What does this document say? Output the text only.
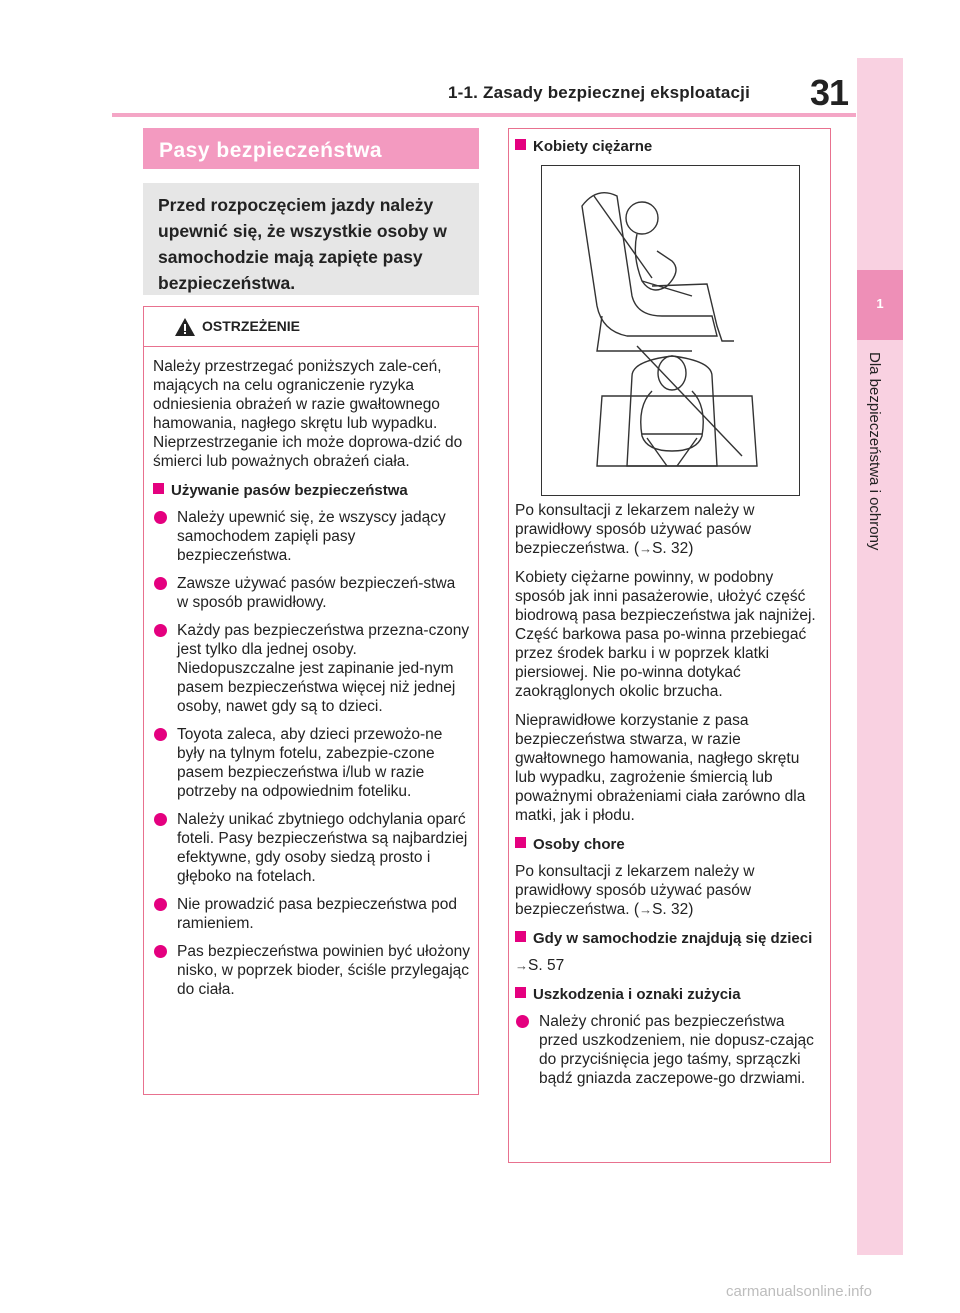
1-1. Zasady bezpiecznej eksploatacji 31
1
Dla bezpieczeństwa i ochrony
Pasy bezpieczeństwa
Przed rozpoczęciem jazdy należy upewnić się, że wszystkie osoby w samochodzie mają zapięte pasy bezpieczeństwa.
OSTRZEŻENIE

Należy przestrzegać poniższych zale-ceń, mających na celu ograniczenie ryzyka odniesienia obrażeń w razie gwałtownego hamowania, nagłego skrętu lub wypadku. Nieprzestrzeganie ich może doprowa-dzić do śmierci lub poważnych obrażeń ciała.

Używanie pasów bezpieczeństwa
Należy upewnić się, że wszyscy jadący samochodem zapięli pasy bezpieczeństwa.
Zawsze używać pasów bezpieczeń-stwa w sposób prawidłowy.
Każdy pas bezpieczeństwa przezna-czony jest tylko dla jednej osoby. Niedopuszczalne jest zapinanie jed-nym pasem bezpieczeństwa więcej niż jednej osoby, nawet gdy są to dzieci.
Toyota zaleca, aby dzieci przewożo-ne były na tylnym fotelu, zabezpie-czone pasem bezpieczeństwa i/lub w razie potrzeby na odpowiednim foteliku.
Należy unikać zbytniego odchylania oparć foteli. Pasy bezpieczeństwa są najbardziej efektywne, gdy osoby siedzą prosto i głęboko na fotelach.
Nie prowadzić pasa bezpieczeństwa pod ramieniem.
Pas bezpieczeństwa powinien być ułożony nisko, w poprzek bioder, ściśle przylegając do ciała.
Kobiety ciężarne

Po konsultacji z lekarzem należy w prawidłowy sposób używać pasów bezpieczeństwa. (→S. 32)

Kobiety ciężarne powinny, w podobny sposób jak inni pasażerowie, ułożyć część biodrową pasa bezpieczeństwa jak najniżej. Część barkowa pasa po-winna przebiegać przez środek barku i w poprzek klatki piersiowej. Nie po-winna dotykać zaokrąglonych okolic brzucha.

Nieprawidłowe korzystanie z pasa bezpieczeństwa stwarza, w razie gwałtownego hamowania, nagłego skrętu lub wypadku, zagrożenie śmiercią lub poważnymi obrażeniami ciała zarówno dla matki, jak i płodu.

Osoby chore

Po konsultacji z lekarzem należy w prawidłowy sposób używać pasów bezpieczeństwa. (→S. 32)

Gdy w samochodzie znajdują się dzieci

→S. 57

Uszkodzenia i oznaki zużycia
Należy chronić pas bezpieczeństwa przed uszkodzeniem, nie dopusz-czając do przyciśnięcia jego taśmy, sprzączki bądź gniazda zaczepowe-go drzwiami.
carmanualsonline.info
